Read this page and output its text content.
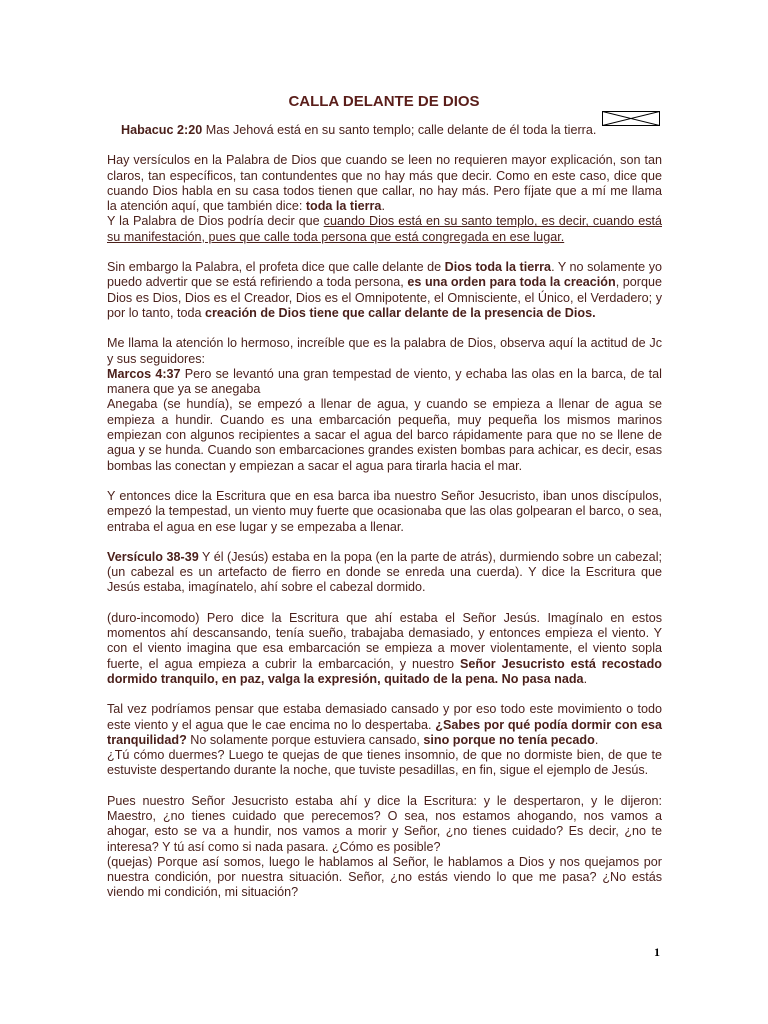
CALLA DELANTE DE DIOS

Habacuc 2:20 Mas Jehová está en su santo templo; calle delante de él toda la tierra.

Hay versículos en la Palabra de Dios que cuando se leen no requieren mayor explicación, son tan claros, tan específicos, tan contundentes que no hay más que decir. Como en este caso, dice que cuando Dios habla en su casa todos tienen que callar, no hay más. Pero fíjate que a mí me llama la atención aquí, que también dice: toda la tierra.
Y la Palabra de Dios podría decir que cuando Dios está en su santo templo, es decir, cuando está su manifestación, pues que calle toda persona que está congregada en ese lugar.

Sin embargo la Palabra, el profeta dice que calle delante de Dios toda la tierra. Y no solamente yo puedo advertir que se está refiriendo a toda persona, es una orden para toda la creación, porque Dios es Dios, Dios es el Creador, Dios es el Omnipotente, el Omnisciente, el Único, el Verdadero; y por lo tanto, toda creación de Dios tiene que callar delante de la presencia de Dios.

Me llama la atención lo hermoso, increíble que es la palabra de Dios, observa aquí la actitud de Jc y sus seguidores:
Marcos 4:37 Pero se levantó una gran tempestad de viento, y echaba las olas en la barca, de tal manera que ya se anegaba
Anegaba (se hundía), se empezó a llenar de agua, y cuando se empieza a llenar de agua se empieza a hundir. Cuando es una embarcación pequeña, muy pequeña los mismos marinos empiezan con algunos recipientes a sacar el agua del barco rápidamente para que no se llene de agua y se hunda. Cuando son embarcaciones grandes existen bombas para achicar, es decir, esas bombas las conectan y empiezan a sacar el agua para tirarla hacia el mar.

Y entonces dice la Escritura que en esa barca iba nuestro Señor Jesucristo, iban unos discípulos, empezó la tempestad, un viento muy fuerte que ocasionaba que las olas golpearan el barco, o sea, entraba el agua en ese lugar y se empezaba a llenar.

Versículo 38-39 Y él (Jesús) estaba en la popa (en la parte de atrás), durmiendo sobre un cabezal; (un cabezal es un artefacto de fierro en donde se enreda una cuerda). Y dice la Escritura que Jesús estaba, imagínatelo, ahí sobre el cabezal dormido.

(duro-incomodo) Pero dice la Escritura que ahí estaba el Señor Jesús. Imagínalo en estos momentos ahí descansando, tenía sueño, trabajaba demasiado, y entonces empieza el viento. Y con el viento imagina que esa embarcación se empieza a mover violentamente, el viento sopla fuerte, el agua empieza a cubrir la embarcación, y nuestro Señor Jesucristo está recostado dormido tranquilo, en paz, valga la expresión, quitado de la pena. No pasa nada.

Tal vez podríamos pensar que estaba demasiado cansado y por eso todo este movimiento o todo este viento y el agua que le cae encima no lo despertaba. ¿Sabes por qué podía dormir con esa tranquilidad? No solamente porque estuviera cansado, sino porque no tenía pecado.
¿Tú cómo duermes? Luego te quejas de que tienes insomnio, de que no dormiste bien, de que te estuviste despertando durante la noche, que tuviste pesadillas, en fin, sigue el ejemplo de Jesús.

Pues nuestro Señor Jesucristo estaba ahí y dice la Escritura: y le despertaron, y le dijeron: Maestro, ¿no tienes cuidado que perecemos? O sea, nos estamos ahogando, nos vamos a ahogar, esto se va a hundir, nos vamos a morir y Señor, ¿no tienes cuidado? Es decir, ¿no te interesa? Y tú así como si nada pasara. ¿Cómo es posible?
(quejas) Porque así somos, luego le hablamos al Señor, le hablamos a Dios y nos quejamos por nuestra condición, por nuestra situación. Señor, ¿no estás viendo lo que me pasa? ¿No estás viendo mi condición, mi situación?

1
